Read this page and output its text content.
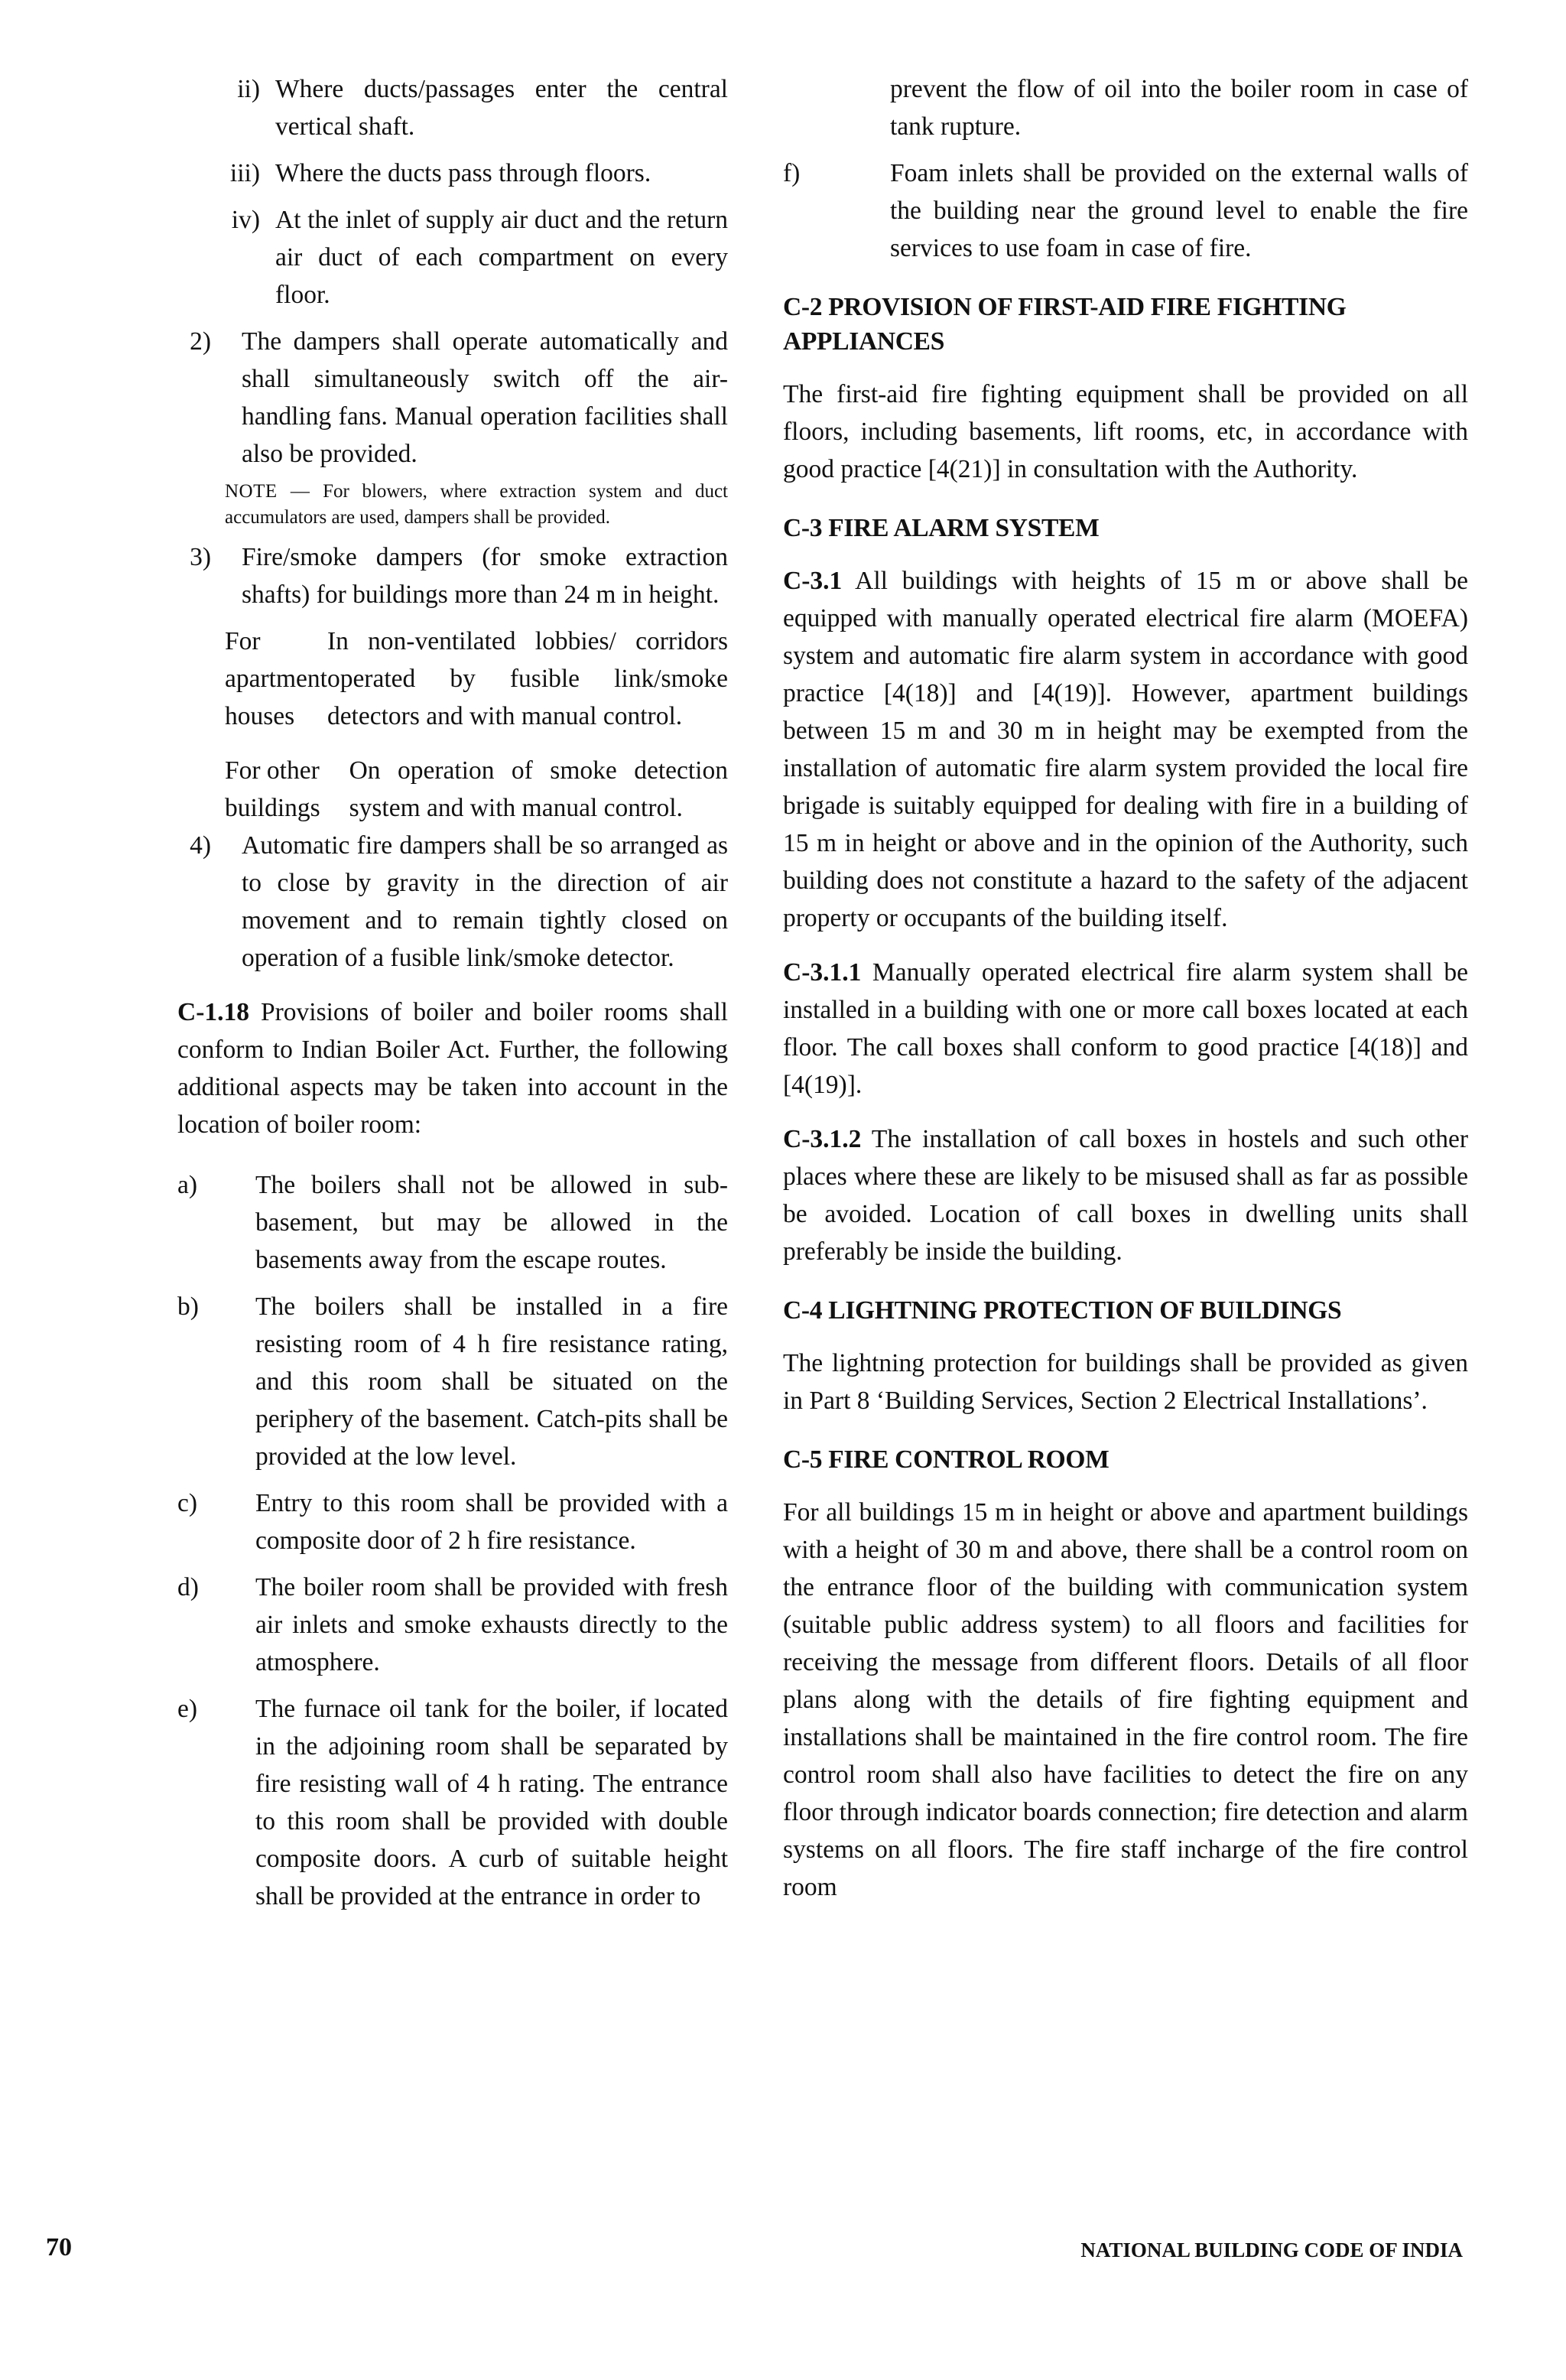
ii) Where ducts/passages enter the central vertical shaft.
iii) Where the ducts pass through floors.
iv) At the inlet of supply air duct and the return air duct of each compartment on every floor.
2) The dampers shall operate automatically and shall simultaneously switch off the air-handling fans. Manual operation facilities shall also be provided.
NOTE — For blowers, where extraction system and duct accumulators are used, dampers shall be provided.
3) Fire/smoke dampers (for smoke extraction shafts) for buildings more than 24 m in height.
For apartment houses
In non-ventilated lobbies/ corridors operated by fusible link/smoke detectors and with manual control.
For other buildings
On operation of smoke detection system and with manual control.
4) Automatic fire dampers shall be so arranged as to close by gravity in the direction of air movement and to remain tightly closed on operation of a fusible link/smoke detector.

C-1.18 Provisions of boiler and boiler rooms shall conform to Indian Boiler Act. Further, the following additional aspects may be taken into account in the location of boiler room:

a) The boilers shall not be allowed in sub-basement, but may be allowed in the basements away from the escape routes.
b) The boilers shall be installed in a fire resisting room of 4 h fire resistance rating, and this room shall be situated on the periphery of the basement. Catch-pits shall be provided at the low level.
c) Entry to this room shall be provided with a composite door of 2 h fire resistance.
d) The boiler room shall be provided with fresh air inlets and smoke exhausts directly to the atmosphere.
e) The furnace oil tank for the boiler, if located in the adjoining room shall be separated by fire resisting wall of 4 h rating. The entrance to this room shall be provided with double composite doors. A curb of suitable height shall be provided at the entrance in order to
prevent the flow of oil into the boiler room in case of tank rupture.
f)	Foam inlets shall be provided on the external walls of the building near the ground level to enable the fire services to use foam in case of fire.

C-2 PROVISION OF FIRST-AID FIRE FIGHTING APPLIANCES

The first-aid fire fighting equipment shall be provided on all floors, including basements, lift rooms, etc, in accordance with good practice [4(21)] in consultation with the Authority.

C-3 FIRE ALARM SYSTEM

C-3.1 All buildings with heights of 15 m or above shall be equipped with manually operated electrical fire alarm (MOEFA) system and automatic fire alarm system in accordance with good practice [4(18)] and [4(19)]. However, apartment buildings between 15 m and 30 m in height may be exempted from the installation of automatic fire alarm system provided the local fire brigade is suitably equipped for dealing with fire in a building of 15 m in height or above and in the opinion of the Authority, such building does not constitute a hazard to the safety of the adjacent property or occupants of the building itself.

C-3.1.1 Manually operated electrical fire alarm system shall be installed in a building with one or more call boxes located at each floor. The call boxes shall conform to good practice [4(18)] and [4(19)].

C-3.1.2 The installation of call boxes in hostels and such other places where these are likely to be misused shall as far as possible be avoided. Location of call boxes in dwelling units shall preferably be inside the building.

C-4 LIGHTNING PROTECTION OF BUILDINGS

The lightning protection for buildings shall be provided as given in Part 8 ‘Building Services, Section 2 Electrical Installations’.

C-5 FIRE CONTROL ROOM

For all buildings 15 m in height or above and apartment buildings with a height of 30 m and above, there shall be a control room on the entrance floor of the building with communication system (suitable public address system) to all floors and facilities for receiving the message from different floors. Details of all floor plans along with the details of fire fighting equipment and installations shall be maintained in the fire control room. The fire control room shall also have facilities to detect the fire on any floor through indicator boards connection; fire detection and alarm systems on all floors. The fire staff incharge of the fire control room

70	NATIONAL BUILDING CODE OF INDIA
